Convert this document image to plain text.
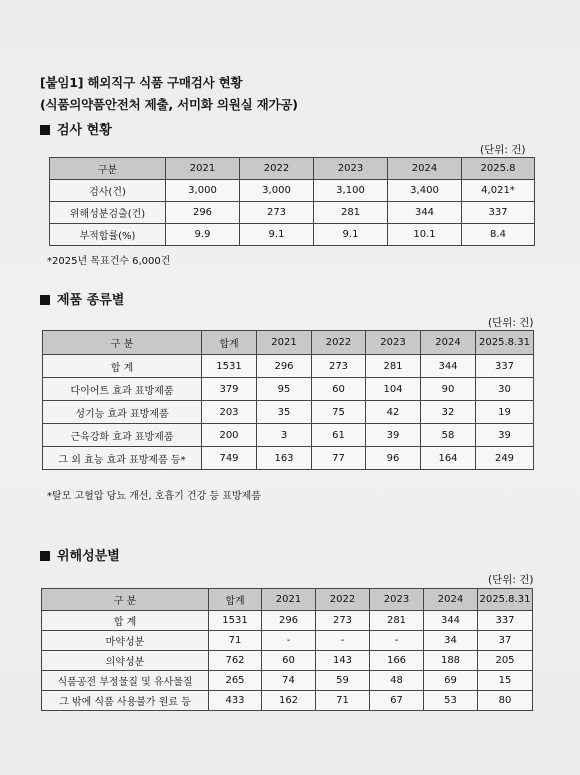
[붙임1] 해외직구 식품 구매검사 현황
(식품의약품안전처 제출, 서미화 의원실 재가공)
검사 현황
(단위: 건)
구분	2021	2022	2023	2024	2025.8
검사(건)	3,000	3,000	3,100	3,400	4,021*
위해성분검출(건)	296	273	281	344	337
부적합률(%)	9.9	9.1	9.1	10.1	8.4
*2025년 목표건수 6,000건
제품 종류별
(단위: 건)
구 분	합계	2021	2022	2023	2024	2025.8.31
합 계	1531	296	273	281	344	337
다이어트 효과 표방제품	379	95	60	104	90	30
성기능 효과 표방제품	203	35	75	42	32	19
근육강화 효과 표방제품	200	3	61	39	58	39
그 외 효능 효과 표방제품 등*	749	163	77	96	164	249
*탈모 고혈압 당뇨 개선, 호흡기 건강 등 표방제품
위해성분별
(단위: 건)
구 분	합계	2021	2022	2023	2024	2025.8.31
합 계	1531	296	273	281	344	337
마약성분	71	-	-	-	34	37
의약성분	762	60	143	166	188	205
식품공전 부정물질 및 유사물질	265	74	59	48	69	15
그 밖에 식품 사용불가 원료 등	433	162	71	67	53	80
